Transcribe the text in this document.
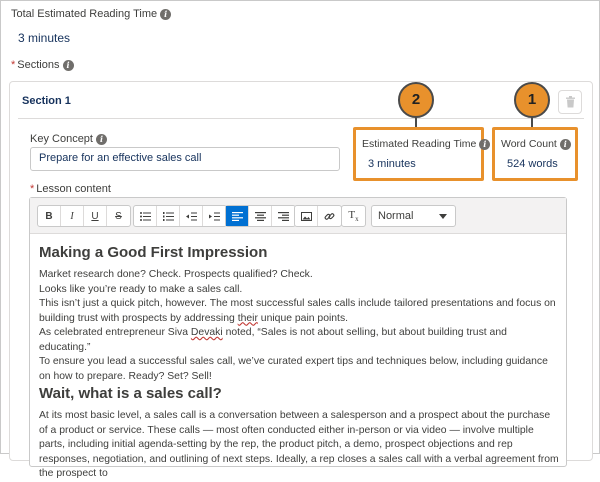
Total Estimated Reading Time i
3 minutes
* Sections i
Section 1
Key Concept i
Prepare for an effective sales call
Estimated Reading Time i
3 minutes
Word Count i
524 words
2	1
* Lesson content
B I U S	$T_x$	Normal
Making a Good First Impression

Market research done? Check. Prospects qualified? Check.

Looks like you’re ready to make a sales call.

This isn’t just a quick pitch, however. The most successful sales calls include tailored presentations and focus on building trust with prospects by addressing their unique pain points.

As celebrated entrepreneur Siva Devaki noted, “Sales is not about selling, but about building trust and educating.”

To ensure you lead a successful sales call, we’ve curated expert tips and techniques below, including guidance on how to prepare. Ready? Set? Sell!

Wait, what is a sales call?

At its most basic level, a sales call is a conversation between a salesperson and a prospect about the purchase of a product or service. These calls — most often conducted either in-person or via video — involve multiple parts, including initial agenda-setting by the rep, the product pitch, a demo, prospect objections and rep responses, negotiation, and outlining of next steps. Ideally, a rep closes a sales call with a verbal agreement from the prospect to
